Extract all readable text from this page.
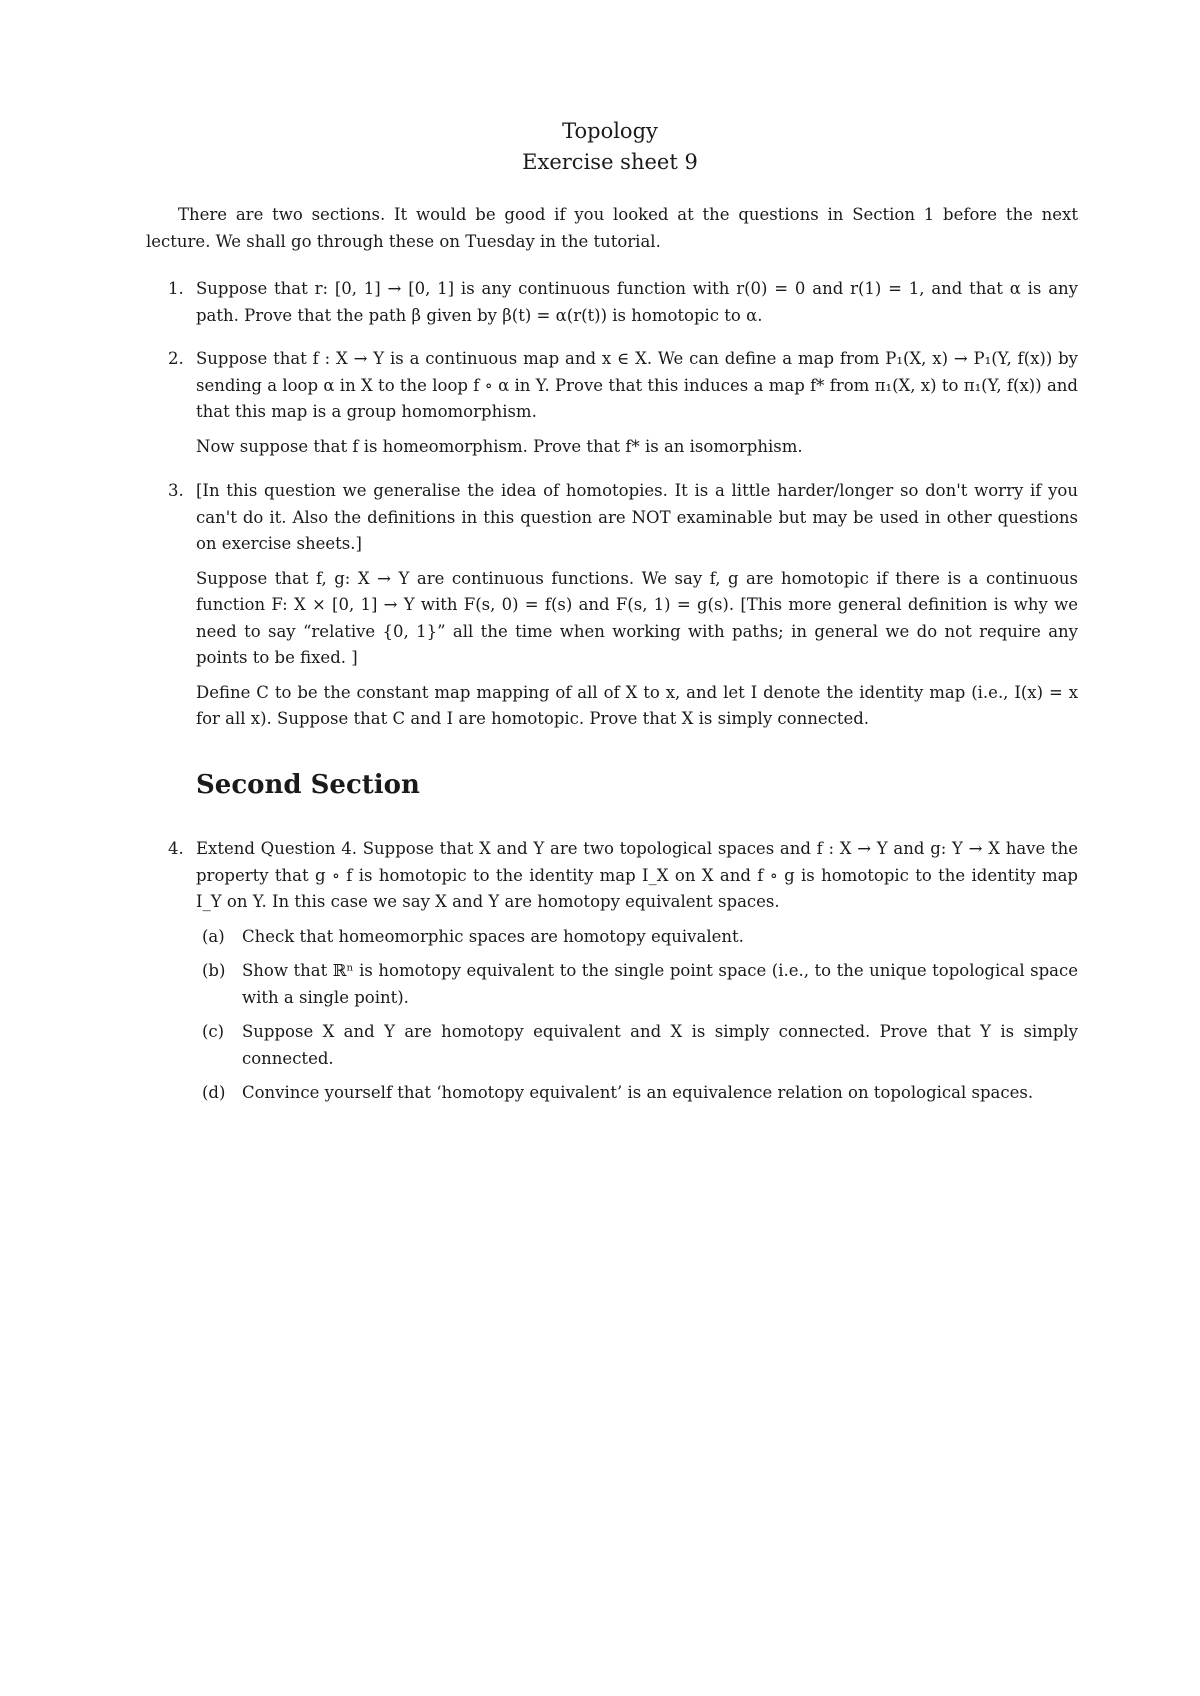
Topology
Exercise sheet 9

There are two sections. It would be good if you looked at the questions in Section 1 before the next lecture. We shall go through these on Tuesday in the tutorial.

1. Suppose that r: [0, 1] → [0, 1] is any continuous function with r(0) = 0 and r(1) = 1, and that α is any path. Prove that the path β given by β(t) = α(r(t)) is homotopic to α.

2. Suppose that f : X → Y is a continuous map and x ∈ X. We can define a map from P₁(X, x) → P₁(Y, f(x)) by sending a loop α in X to the loop f ∘ α in Y. Prove that this induces a map f* from π₁(X, x) to π₁(Y, f(x)) and that this map is a group homomorphism.

Now suppose that f is homeomorphism. Prove that f* is an isomorphism.

3. [In this question we generalise the idea of homotopies. It is a little harder/longer so don't worry if you can't do it. Also the definitions in this question are NOT examinable but may be used in other questions on exercise sheets.]

Suppose that f, g: X → Y are continuous functions. We say f, g are homotopic if there is a continuous function F: X × [0, 1] → Y with F(s, 0) = f(s) and F(s, 1) = g(s). [This more general definition is why we need to say “relative {0, 1}” all the time when working with paths; in general we do not require any points to be fixed. ]

Define C to be the constant map mapping of all of X to x, and let I denote the identity map (i.e., I(x) = x for all x). Suppose that C and I are homotopic. Prove that X is simply connected.

Second Section
4. Extend Question 4. Suppose that X and Y are two topological spaces and f : X → Y and g: Y → X have the property that g ∘ f is homotopic to the identity map I_X on X and f ∘ g is homotopic to the identity map I_Y on Y. In this case we say X and Y are homotopy equivalent spaces.

(a) Check that homeomorphic spaces are homotopy equivalent.
(b) Show that ℝⁿ is homotopy equivalent to the single point space (i.e., to the unique topological space with a single point).
(c) Suppose X and Y are homotopy equivalent and X is simply connected. Prove that Y is simply connected.
(d) Convince yourself that ‘homotopy equivalent’ is an equivalence relation on topological spaces.
